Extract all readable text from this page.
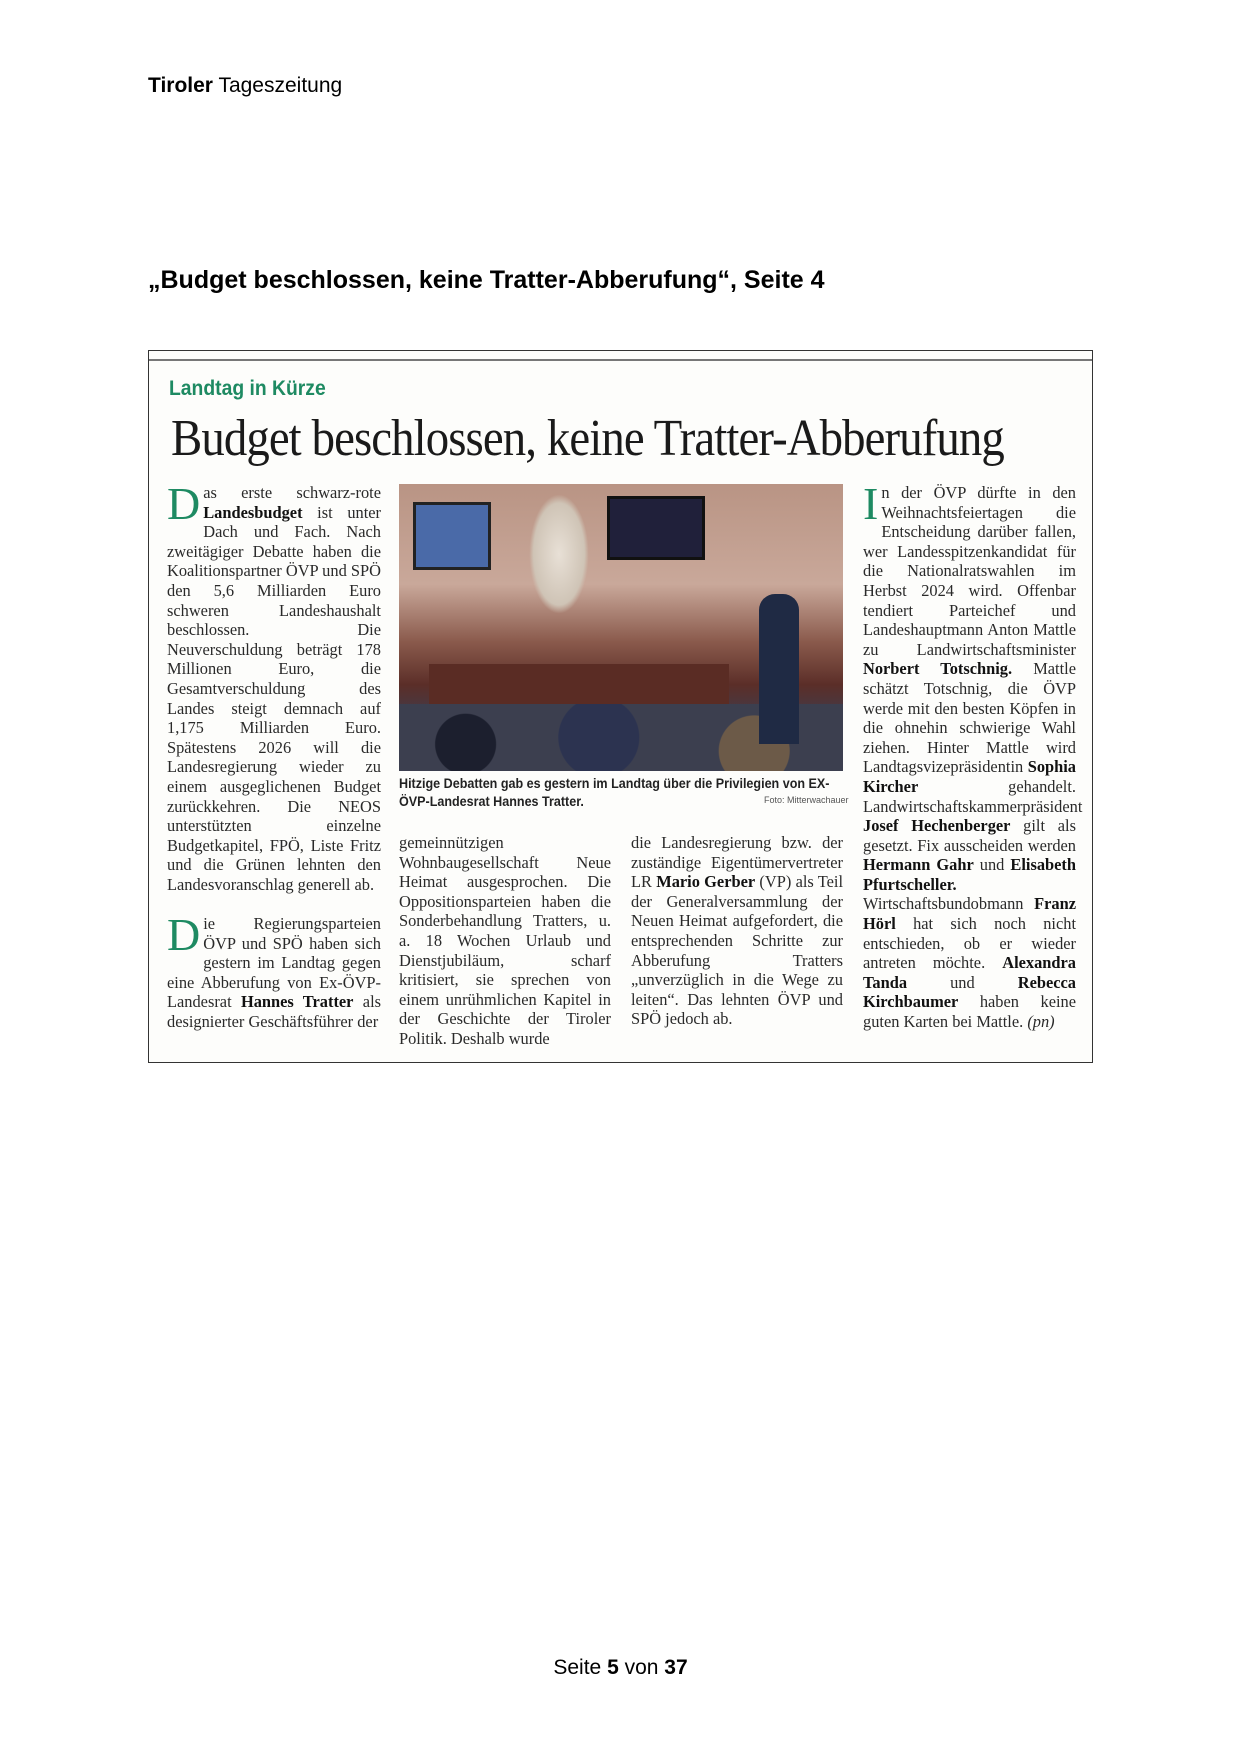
Tiroler Tageszeitung
„Budget beschlossen, keine Tratter-Abberufung“, Seite 4
Landtag in Kürze
Budget beschlossen, keine Tratter-Abberufung

Das erste schwarz-rote Landesbudget ist unter Dach und Fach. Nach zweitägiger Debatte haben die Koalitionspartner ÖVP und SPÖ den 5,6 Milliarden Euro schweren Landeshaushalt beschlossen. Die Neuverschuldung beträgt 178 Millionen Euro, die Gesamtverschuldung des Landes steigt demnach auf 1,175 Milliarden Euro. Spätestens 2026 will die Landesregierung wieder zu einem ausgeglichenen Budget zurückkehren. Die NEOS unterstützten einzelne Budgetkapitel, FPÖ, Liste Fritz und die Grünen lehnten den Landesvoranschlag generell ab.

Die Regierungsparteien ÖVP und SPÖ haben sich gestern im Landtag gegen eine Abberufung von Ex-ÖVP-Landesrat Hannes Tratter als designierter Geschäftsführer der

Hitzige Debatten gab es gestern im Landtag über die Privilegien von EX-ÖVP-Landesrat Hannes Tratter.	Foto: Mitterwachauer

gemeinnützigen Wohnbaugesellschaft Neue Heimat ausgesprochen. Die Oppositionsparteien haben die Sonderbehandlung Tratters, u. a. 18 Wochen Urlaub und Dienstjubiläum, scharf kritisiert, sie sprechen von einem unrühmlichen Kapitel in der Geschichte der Tiroler Politik. Deshalb wurde

die Landesregierung bzw. der zuständige Eigentümervertreter LR Mario Gerber (VP) als Teil der Generalversammlung der Neuen Heimat aufgefordert, die entsprechenden Schritte zur Abberufung Tratters „unverzüglich in die Wege zu leiten“. Das lehnten ÖVP und SPÖ jedoch ab.

In der ÖVP dürfte in den Weihnachtsfeiertagen die Entscheidung darüber fallen, wer Landesspitzenkandidat für die Nationalratswahlen im Herbst 2024 wird. Offenbar tendiert Parteichef und Landeshauptmann Anton Mattle zu Landwirtschaftsminister Norbert Totschnig. Mattle schätzt Totschnig, die ÖVP werde mit den besten Köpfen in die ohnehin schwierige Wahl ziehen. Hinter Mattle wird Landtagsvizepräsidentin Sophia Kircher gehandelt. Landwirtschaftskammerpräsident Josef Hechenberger gilt als gesetzt. Fix ausscheiden werden Hermann Gahr und Elisabeth Pfurtscheller. Wirtschaftsbundobmann Franz Hörl hat sich noch nicht entschieden, ob er wieder antreten möchte. Alexandra Tanda und Rebecca Kirchbaumer haben keine guten Karten bei Mattle. (pn)

Seite 5 von 37
